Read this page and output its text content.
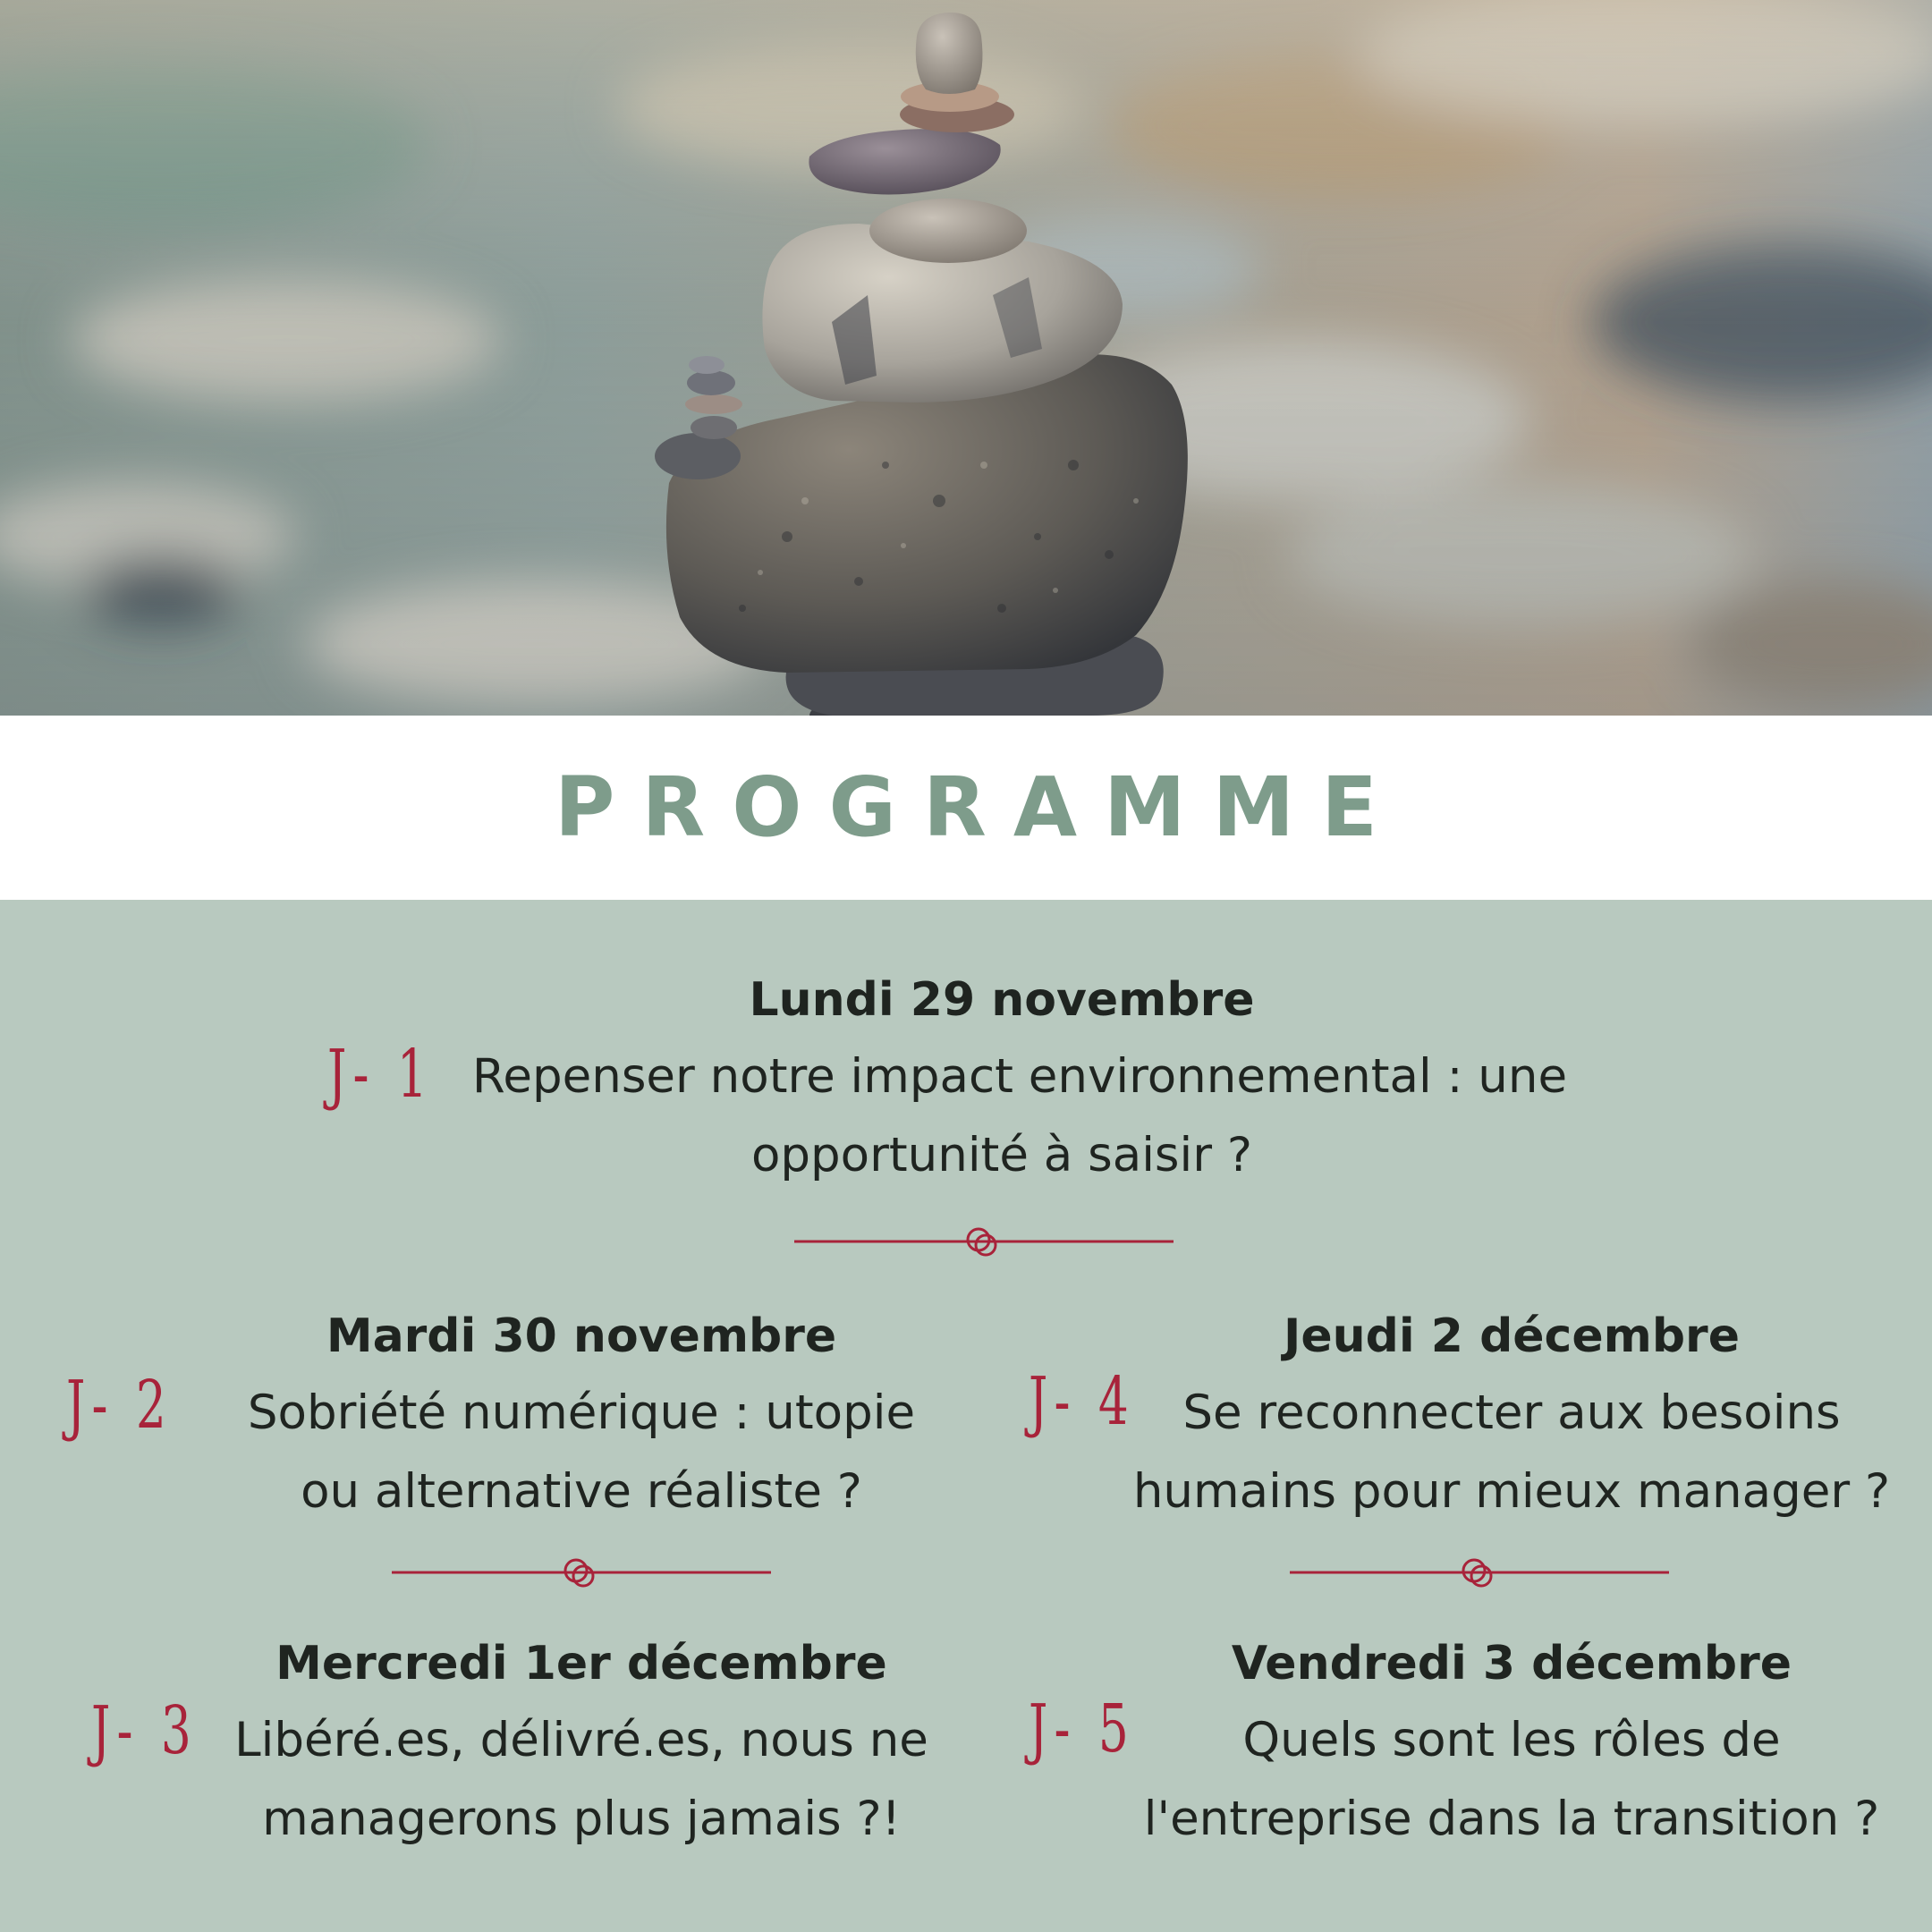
PROGRAMME
J- 1
Lundi 29 novembre
Repenser notre impact environnemental : une
opportunité à saisir ?
J- 2
Mardi 30 novembre
Sobriété numérique : utopie
ou alternative réaliste ?
J- 4
Jeudi 2 décembre
Se reconnecter aux besoins
humains pour mieux manager ?
J- 3
Mercredi 1er décembre
Libéré.es, délivré.es, nous ne
managerons plus jamais ?!
J- 5
Vendredi 3 décembre
Quels sont les rôles de
l'entreprise dans la transition ?
